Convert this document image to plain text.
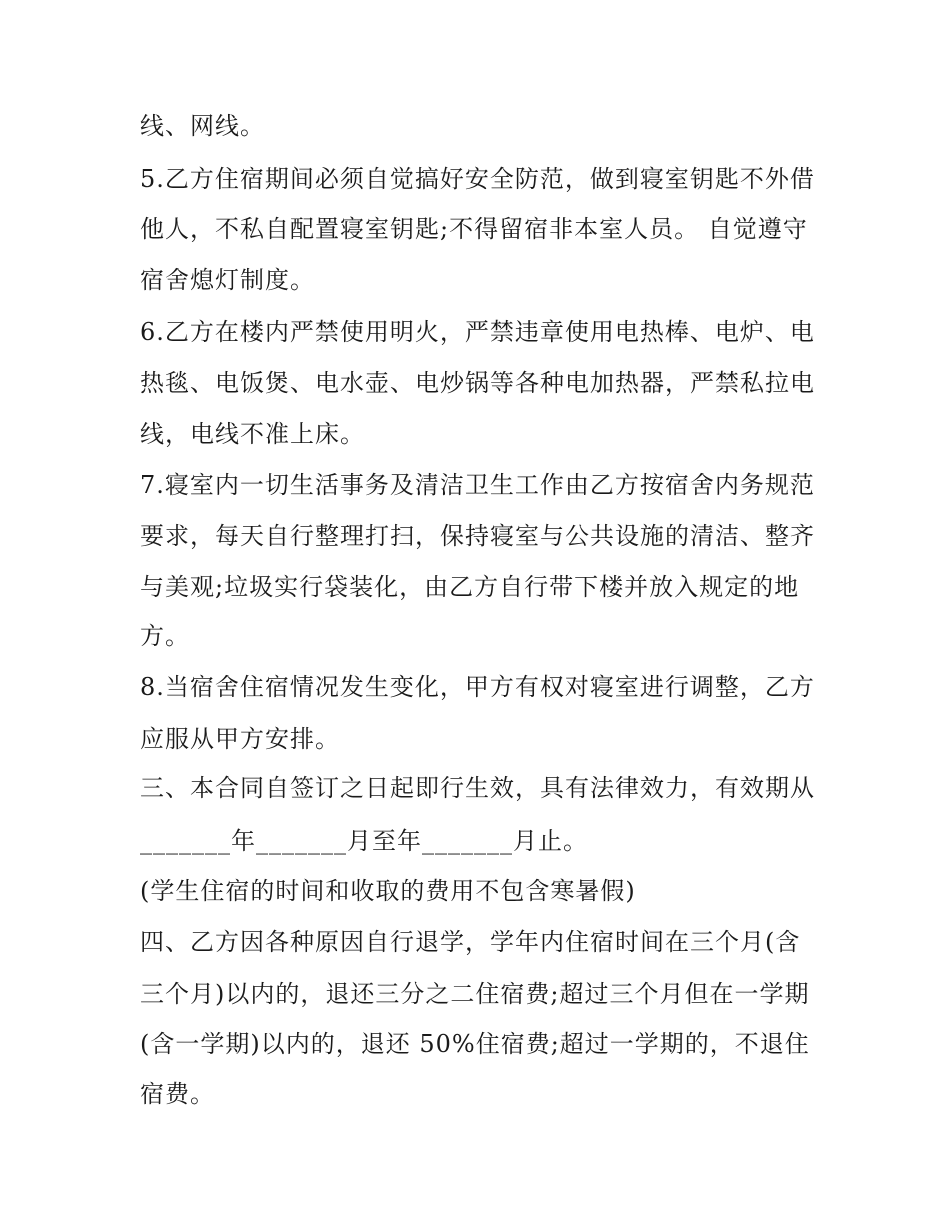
线、网线。
5.乙方住宿期间必须自觉搞好安全防范，做到寝室钥匙不外借
他人，不私自配置寝室钥匙;不得留宿非本室人员。 自觉遵守
宿舍熄灯制度。
6.乙方在楼内严禁使用明火，严禁违章使用电热棒、电炉、电
热毯、电饭煲、电水壶、电炒锅等各种电加热器，严禁私拉电
线，电线不准上床。
7.寝室内一切生活事务及清洁卫生工作由乙方按宿舍内务规范
要求，每天自行整理打扫，保持寝室与公共设施的清洁、整齐
与美观;垃圾实行袋装化，由乙方自行带下楼并放入规定的地
方。
8.当宿舍住宿情况发生变化，甲方有权对寝室进行调整，乙方
应服从甲方安排。
三、本合同自签订之日起即行生效，具有法律效力，有效期从
_______年_______月至年_______月止。
(学生住宿的时间和收取的费用不包含寒暑假)
四、乙方因各种原因自行退学，学年内住宿时间在三个月(含
三个月)以内的，退还三分之二住宿费;超过三个月但在一学期
(含一学期)以内的，退还 50%住宿费;超过一学期的，不退住
宿费。
